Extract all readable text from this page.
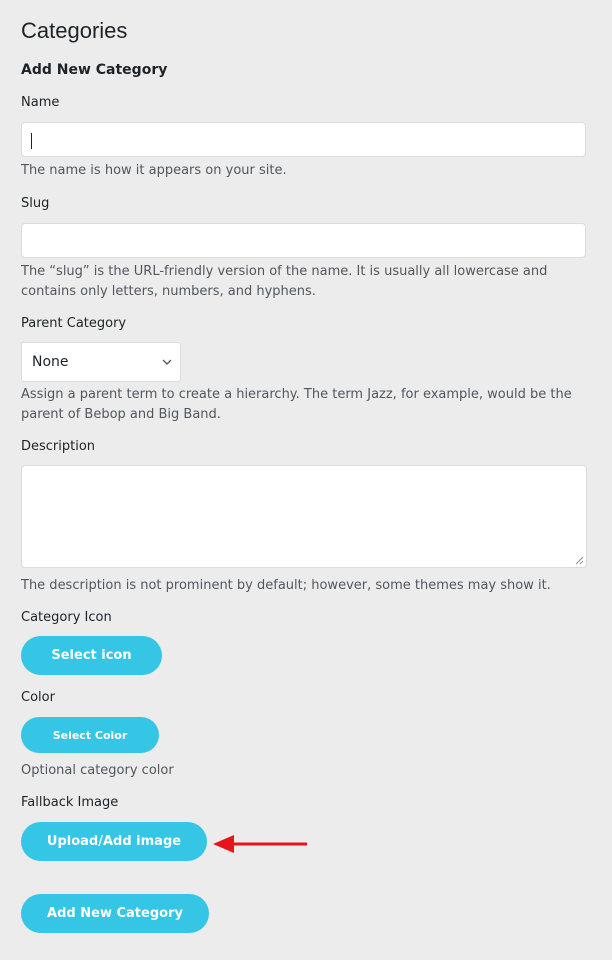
Categories
Add New Category
Name
The name is how it appears on your site.
Slug
The “slug” is the URL-friendly version of the name. It is usually all lowercase and contains only letters, numbers, and hyphens.
Parent Category
None
Assign a parent term to create a hierarchy. The term Jazz, for example, would be the parent of Bebop and Big Band.
Description
The description is not prominent by default; however, some themes may show it.
Category Icon
Select icon
Color
Select Color
Optional category color
Fallback Image
Upload/Add image
Add New Category
